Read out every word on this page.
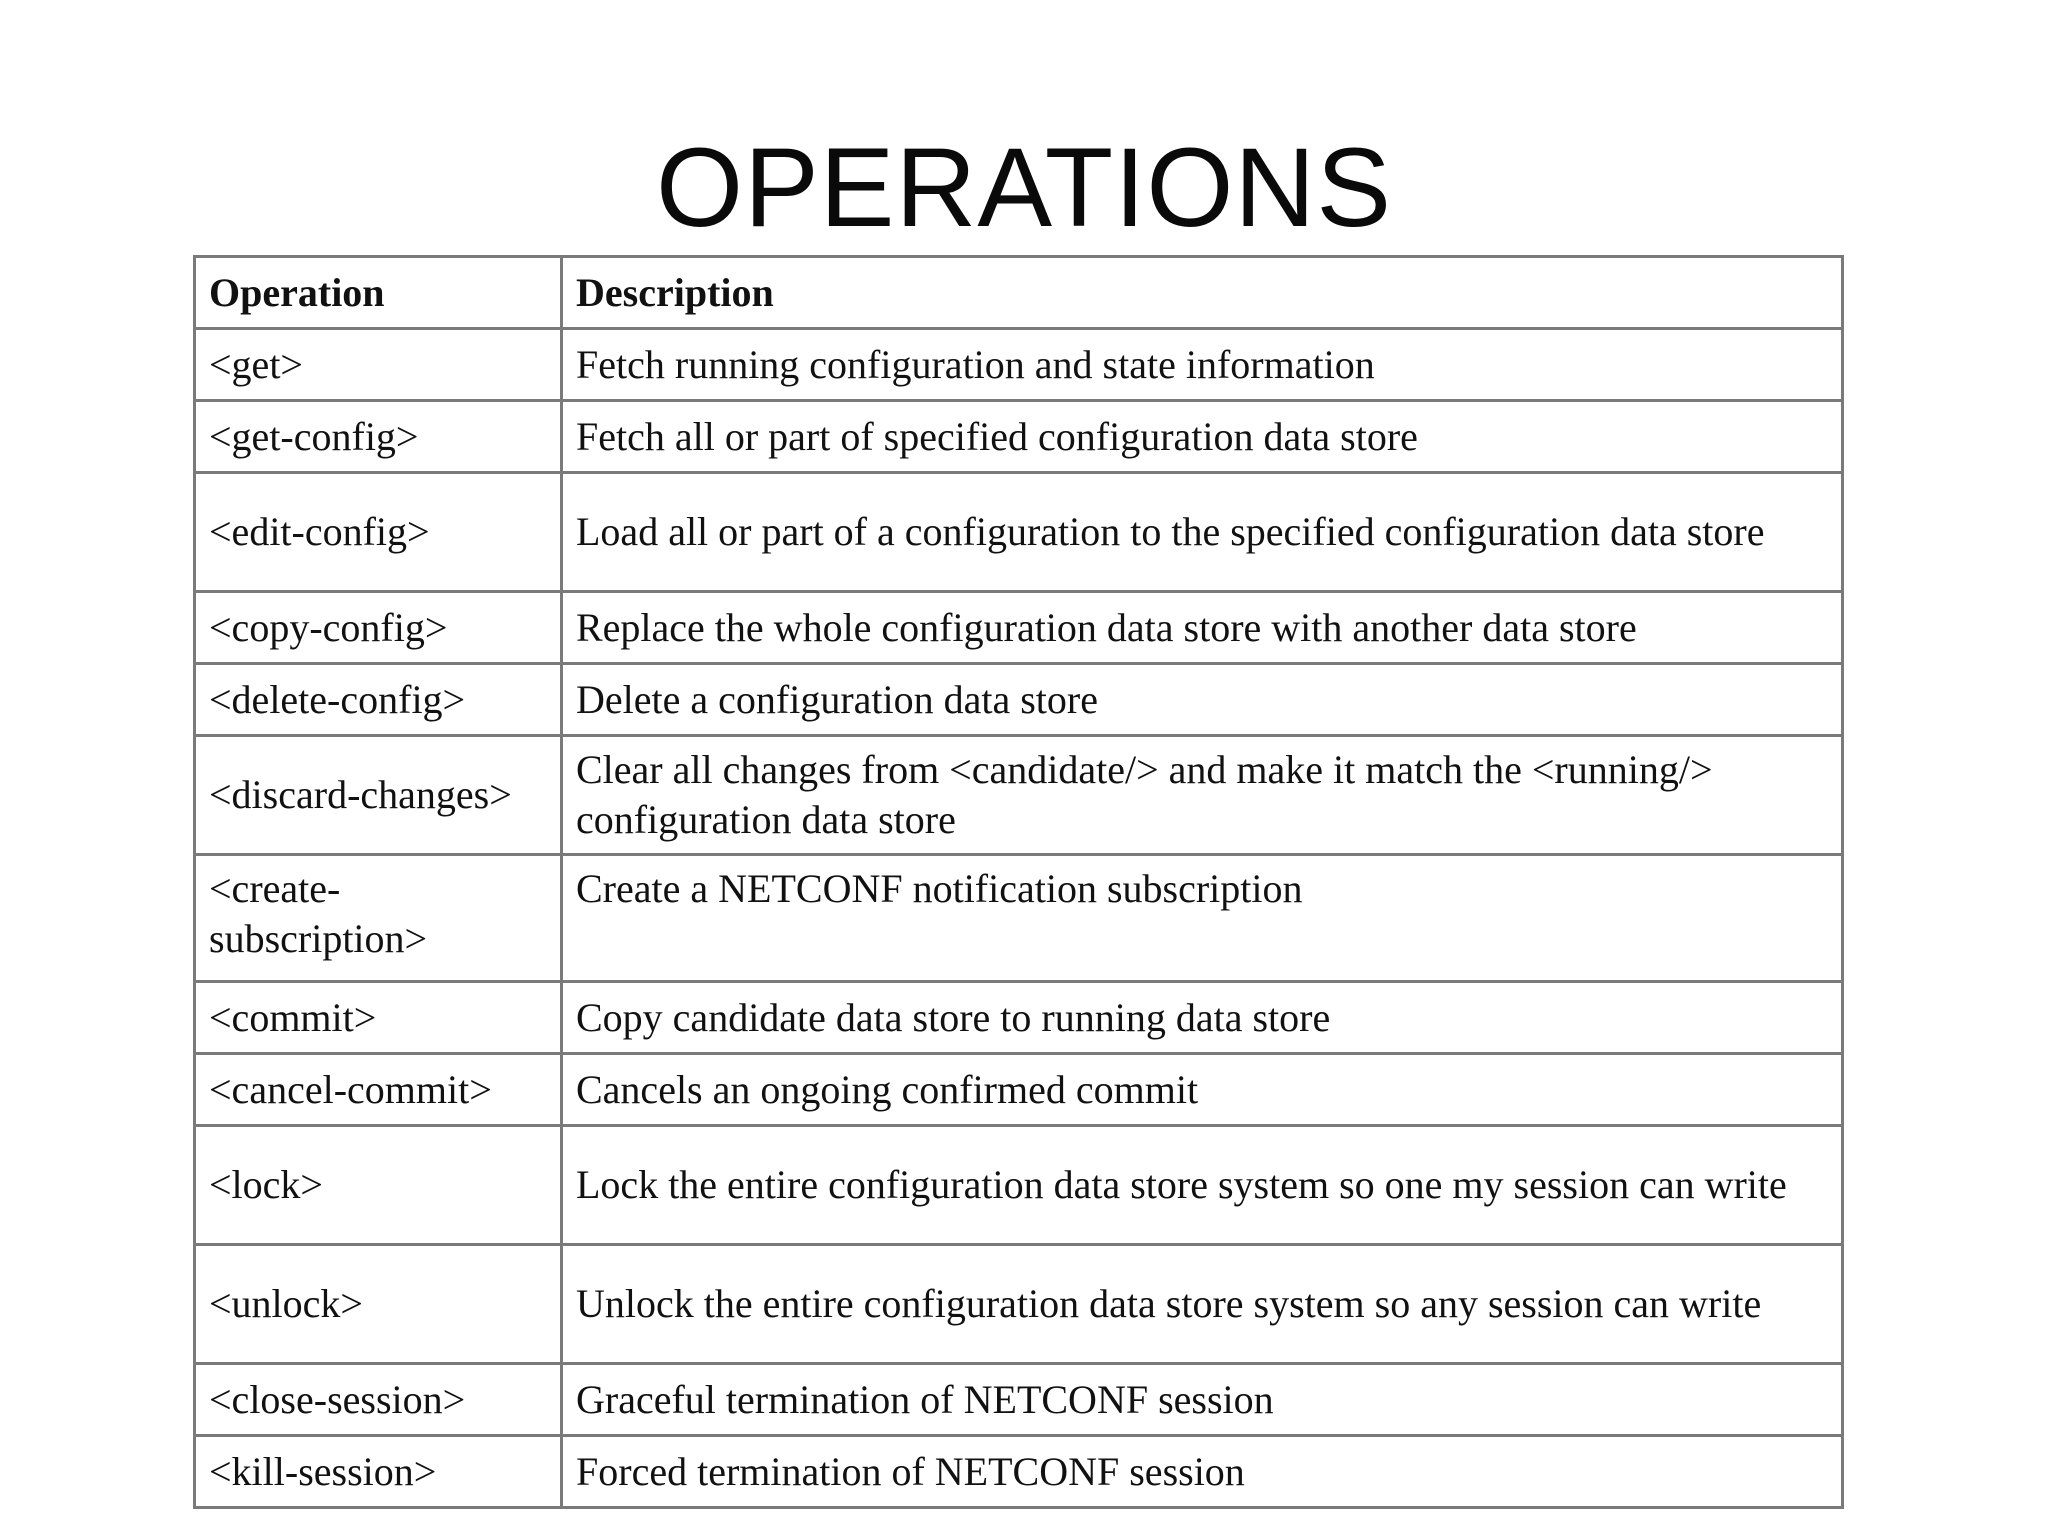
OPERATIONS
Operation	Description
<get>	Fetch running configuration and state information
<get-config>	Fetch all or part of specified configuration data store
<edit-config>	Load all or part of a configuration to the specified configuration data store
<copy-config>	Replace the whole configuration data store with another data store
<delete-config>	Delete a configuration data store
<discard-changes>	Clear all changes from <candidate/> and make it match the <running/> configuration data store
<create-subscription>	Create a NETCONF notification subscription
<commit>	Copy candidate data store to running data store
<cancel-commit>	Cancels an ongoing confirmed commit
<lock>	Lock the entire configuration data store system so one my session can write
<unlock>	Unlock the entire configuration data store system so any session can write
<close-session>	Graceful termination of NETCONF session
<kill-session>	Forced termination of NETCONF session
